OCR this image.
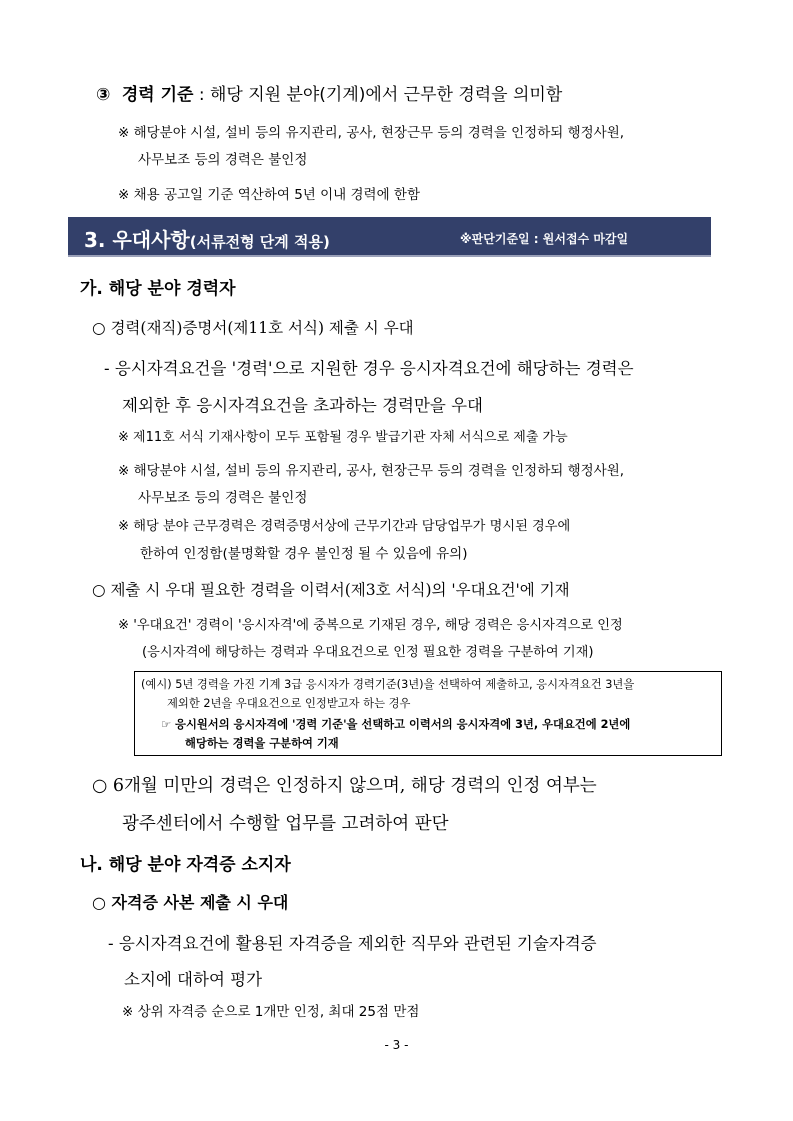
③ 경력 기준 : 해당 지원 분야(기계)에서 근무한 경력을 의미함
※ 해당분야 시설, 설비 등의 유지관리, 공사, 현장근무 등의 경력을 인정하되 행정사원,
사무보조 등의 경력은 불인정
※ 채용 공고일 기준 역산하여 5년 이내 경력에 한함
3. 우대사항(서류전형 단계 적용)	※판단기준일 : 원서접수 마감일
가. 해당 분야 경력자
○ 경력(재직)증명서(제11호 서식) 제출 시 우대
- 응시자격요건을 '경력'으로 지원한 경우 응시자격요건에 해당하는 경력은
제외한 후 응시자격요건을 초과하는 경력만을 우대
※ 제11호 서식 기재사항이 모두 포함될 경우 발급기관 자체 서식으로 제출 가능
※ 해당분야 시설, 설비 등의 유지관리, 공사, 현장근무 등의 경력을 인정하되 행정사원,
사무보조 등의 경력은 불인정
※ 해당 분야 근무경력은 경력증명서상에 근무기간과 담당업무가 명시된 경우에
한하여 인정함(불명확할 경우 불인정 될 수 있음에 유의)
○ 제출 시 우대 필요한 경력을 이력서(제3호 서식)의 '우대요건'에 기재
※ '우대요건' 경력이 '응시자격'에 중복으로 기재된 경우, 해당 경력은 응시자격으로 인정
(응시자격에 해당하는 경력과 우대요건으로 인정 필요한 경력을 구분하여 기재)
(예시) 5년 경력을 가진 기계 3급 응시자가 경력기준(3년)을 선택하여 제출하고, 응시자격요건 3년을
제외한 2년을 우대요건으로 인정받고자 하는 경우
☞ 응시원서의 응시자격에 '경력 기준'을 선택하고 이력서의 응시자격에 3년, 우대요건에 2년에
해당하는 경력을 구분하여 기재
○ 6개월 미만의 경력은 인정하지 않으며, 해당 경력의 인정 여부는
광주센터에서 수행할 업무를 고려하여 판단
나. 해당 분야 자격증 소지자
○ 자격증 사본 제출 시 우대
- 응시자격요건에 활용된 자격증을 제외한 직무와 관련된 기술자격증
소지에 대하여 평가
※ 상위 자격증 순으로 1개만 인정, 최대 25점 만점
- 3 -
